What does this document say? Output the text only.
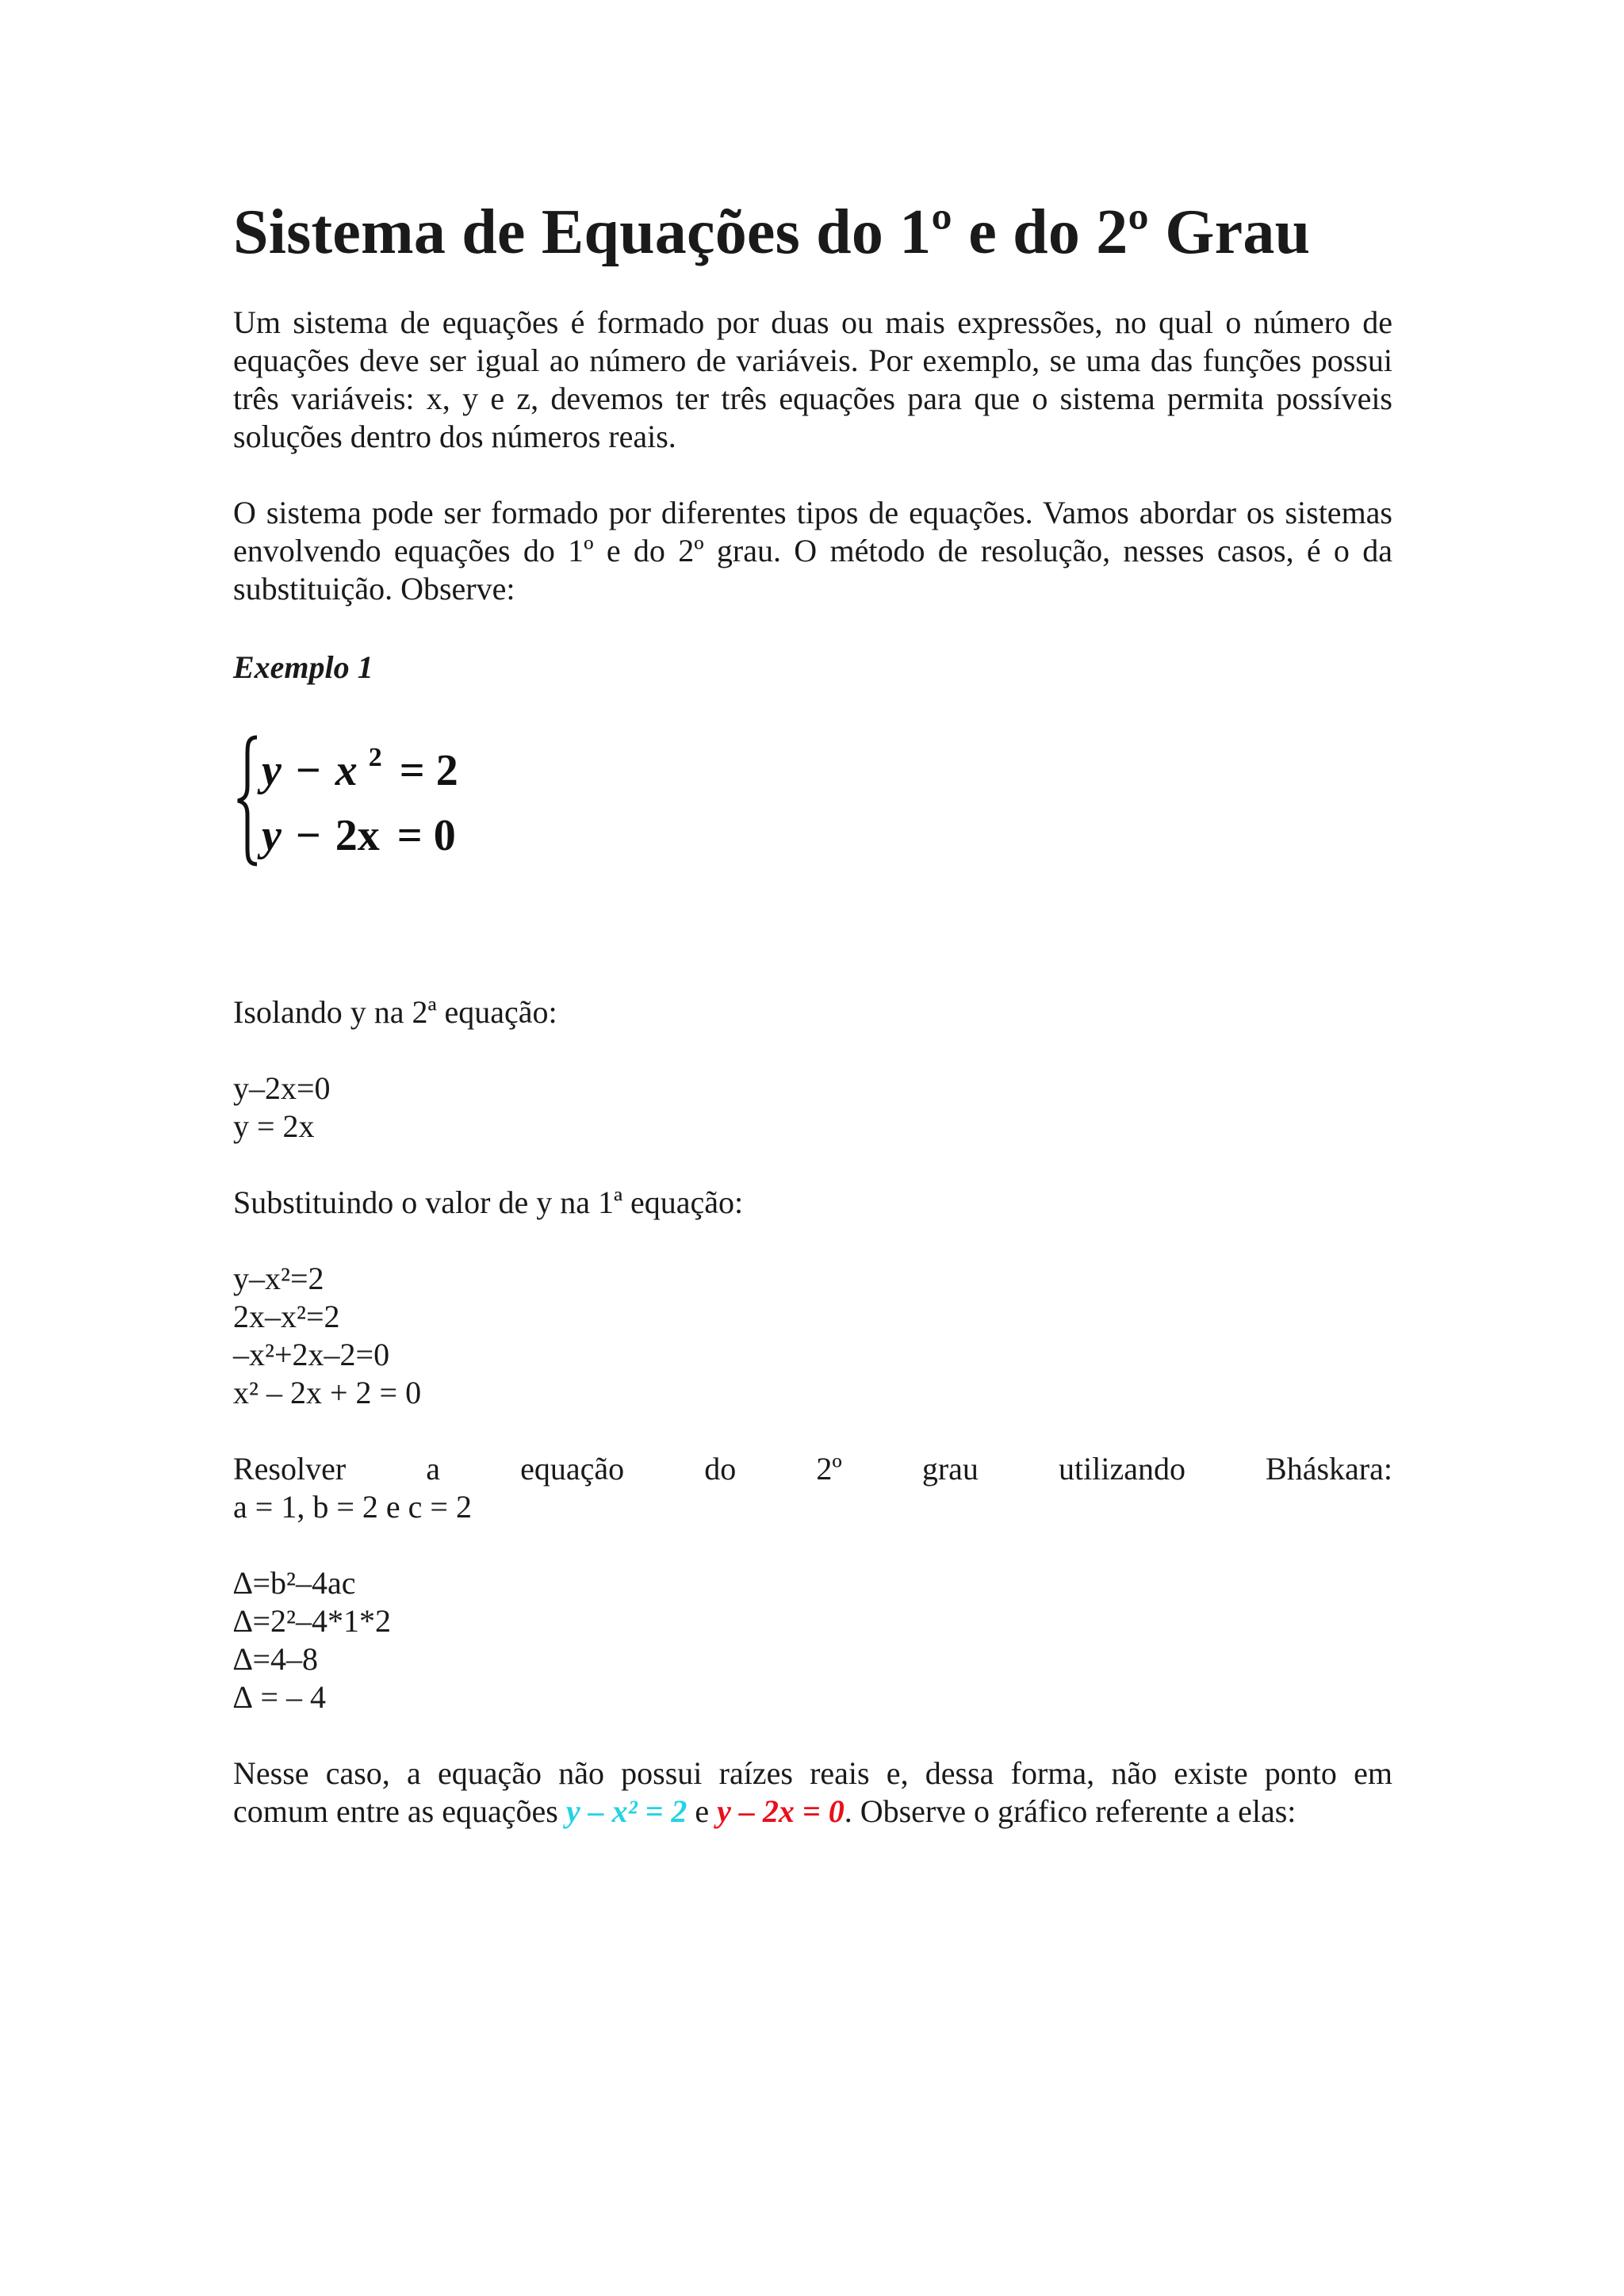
Sistema de Equações do 1º e do 2º Grau

Um sistema de equações é formado por duas ou mais expressões, no qual o número de equações deve ser igual ao número de variáveis. Por exemplo, se uma das funções possui três variáveis: x, y e z, devemos ter três equações para que o sistema permita possíveis soluções dentro dos números reais.

O sistema pode ser formado por diferentes tipos de equações. Vamos abordar os sistemas envolvendo equações do 1º e do 2º grau. O método de resolução, nesses casos, é o da substituição. Observe:

Exemplo 1

y − x $^2$ = 2
y − 2x = 0

Isolando y na 2ª equação:

y–2x=0

y = 2x

Substituindo o valor de y na 1ª equação:

y–x²=2

2x–x²=2

–x²+2x–2=0

x² – 2x + 2 = 0

Resolver a equação do 2º grau utilizando Bháskara:

a = 1, b = 2 e c = 2

∆=b²–4ac

∆=2²–4*1*2

∆=4–8

∆ = – 4

Nesse caso, a equação não possui raízes reais e, dessa forma, não existe ponto em

comum entre as equações y – x² = 2 e y – 2x = 0. Observe o gráfico referente a elas:
